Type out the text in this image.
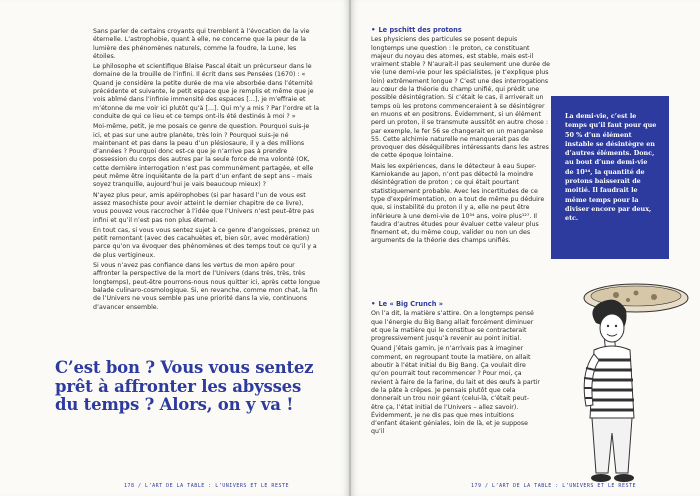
Sans parler de certains croyants qui tremblent à l’évocation de la vie éternelle. L’astrophobie, quant à elle, ne concerne que la peur de la lumière des phénomènes naturels, comme la foudre, la Lune, les étoiles.

Le philosophe et scientifique Blaise Pascal était un précurseur dans le domaine de la trouille de l’infini. Il écrit dans ses Pensées (1670) : « Quand je considère la petite durée de ma vie absorbée dans l’éternité précédente et suivante, le petit espace que je remplis et même que je vois abîmé dans l’infinie immensité des espaces […], je m’effraie et m’étonne de me voir ici plutôt qu’à […]. Qui m’y a mis ? Par l’ordre et la conduite de qui ce lieu et ce temps ont-ils été destinés à moi ? »

Moi-même, petit, je me posais ce genre de question. Pourquoi suis-je ici, et pas sur une autre planète, très loin ? Pourquoi suis-je né maintenant et pas dans la peau d’un plésiosaure, il y a des millions d’années ? Pourquoi donc est-ce que je n’arrive pas à prendre possession du corps des autres par la seule force de ma volonté (OK, cette dernière interrogation n’est pas communément partagée, et elle peut même être inquiétante de la part d’un enfant de sept ans – mais soyez tranquille, aujourd’hui je vais beaucoup mieux) ?

N’ayez plus peur, amis apéirophobes (si par hasard l’un de vous est assez masochiste pour avoir atteint le dernier chapitre de ce livre), vous pouvez vous raccrocher à l’idée que l’Univers n’est peut-être pas infini et qu’il n’est pas non plus éternel.

En tout cas, si vous vous sentez sujet à ce genre d’angoisses, prenez un petit remontant (avec des cacahuètes et, bien sûr, avec modération) parce qu’on va évoquer des phénomènes et des temps tout ce qu’il y a de plus vertigineux.

Si vous n’avez pas confiance dans les vertus de mon apéro pour affronter la perspective de la mort de l’Univers (dans très, très, très longtemps), peut-être pourrons-nous nous quitter ici, après cette longue balade culinaro-cosmologique. Si, en revanche, comme mon chat, la fin de l’Univers ne vous semble pas une priorité dans la vie, continuons d’avancer ensemble.

C’est bon ? Vous vous sentez prêt à affronter les abysses du temps ? Alors, on y va !
178 / L’ART DE LA TABLE : L’UNIVERS ET LE RESTE
• Le pschitt des protons

Les physiciens des particules se posent depuis longtemps une question : le proton, ce constituant majeur du noyau des atomes, est stable, mais est-il vraiment stable ? N’aurait-il pas seulement une durée de vie (une demi-vie pour les spécialistes, je t’explique plus loin) extrêmement longue ? C’est une des interrogations au cœur de la théorie du champ unifié, qui prédit une possible désintégration. Si c’était le cas, il arriverait un temps où les protons commenceraient à se désintégrer en muons et en positrons. Évidemment, si un élément perd un proton, il se transmute aussitôt en autre chose : par exemple, le fer 56 se changerait en un manganèse 55. Cette alchimie naturelle ne manquerait pas de provoquer des déséquilibres intéressants dans les astres de cette époque lointaine.

Mais les expériences, dans le détecteur à eau Super-Kamiokande au Japon, n’ont pas détecté la moindre désintégration de proton ; ce qui était pourtant statistiquement probable. Avec les incertitudes de ce type d’expérimentation, on a tout de même pu déduire que, si instabilité du proton il y a, elle ne peut être inférieure à une demi-vie de 10³⁴ ans, voire plus¹²⁷. Il faudra d’autres études pour évaluer cette valeur plus finement et, du même coup, valider ou non un des arguments de la théorie des champs unifiés.

La demi-vie, c’est le temps qu’il faut pour que 50 % d’un élément instable se désintègre en d’autres éléments. Donc, au bout d’une demi-vie de 10³⁴, la quantité de protons baisserait de moitié. Il faudrait le même temps pour la diviser encore par deux, etc.
• Le « Big Crunch »

On l’a dit, la matière s’attire. On a longtemps pensé que l’énergie du Big Bang allait forcément diminuer et que la matière qui le constitue se contracterait progressivement jusqu’à revenir au point initial.

Quand j’étais gamin, je n’arrivais pas à imaginer comment, en regroupant toute la matière, on allait aboutir à l’état initial du Big Bang. Ça voulait dire qu’on pourrait tout recommencer ? Pour moi, ça revient à faire de la farine, du lait et des œufs à partir de la pâte à crêpes. Je pensais plutôt que cela donnerait un trou noir géant (celui-là, c’était peut-être ça, l’état initial de l’Univers – allez savoir). Évidemment, je ne dis pas que mes intuitions d’enfant étaient géniales, loin de là, et je suppose qu’il

179 / L’ART DE LA TABLE : L’UNIVERS ET LE RESTE
